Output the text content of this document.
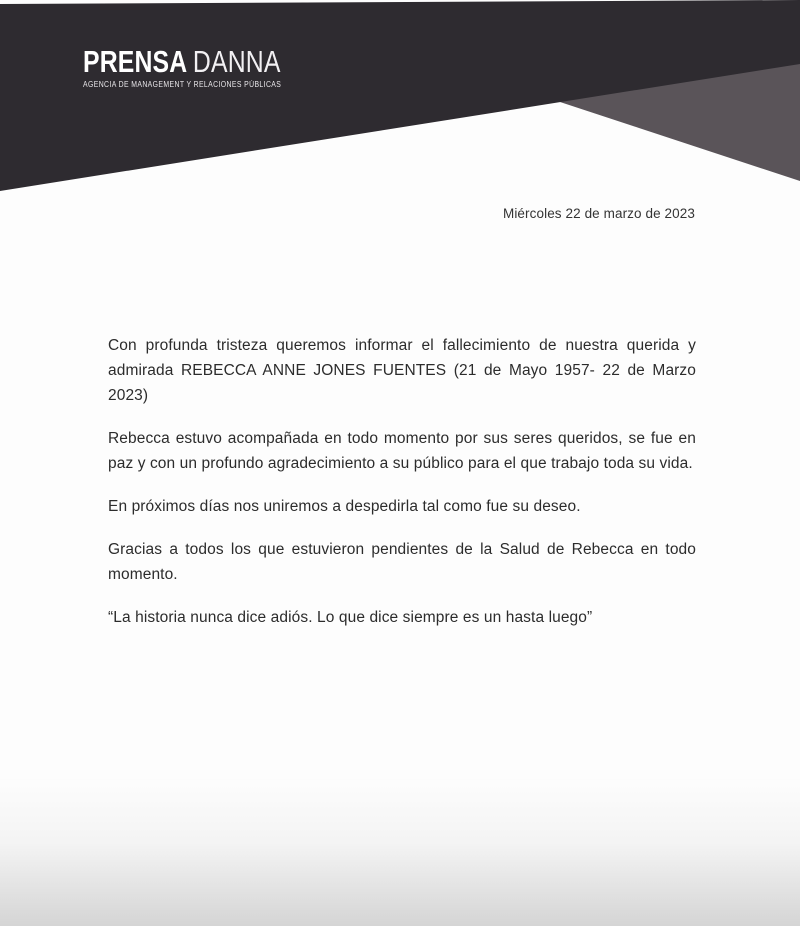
PRENSA DANNA
AGENCIA DE MANAGEMENT Y RELACIONES PÚBLICAS
Miércoles 22 de marzo de 2023

Con profunda tristeza queremos informar el fallecimiento de nuestra querida y admirada REBECCA ANNE JONES FUENTES (21 de Mayo 1957- 22 de Marzo 2023)

Rebecca estuvo acompañada en todo momento por sus seres queridos, se fue en paz y con un profundo agradecimiento a su público para el que trabajo toda su vida.

En próximos días nos uniremos a despedirla tal como fue su deseo.

Gracias a todos los que estuvieron pendientes de la Salud de Rebecca en todo momento.

“La historia nunca dice adiós. Lo que dice siempre es un hasta luego”
